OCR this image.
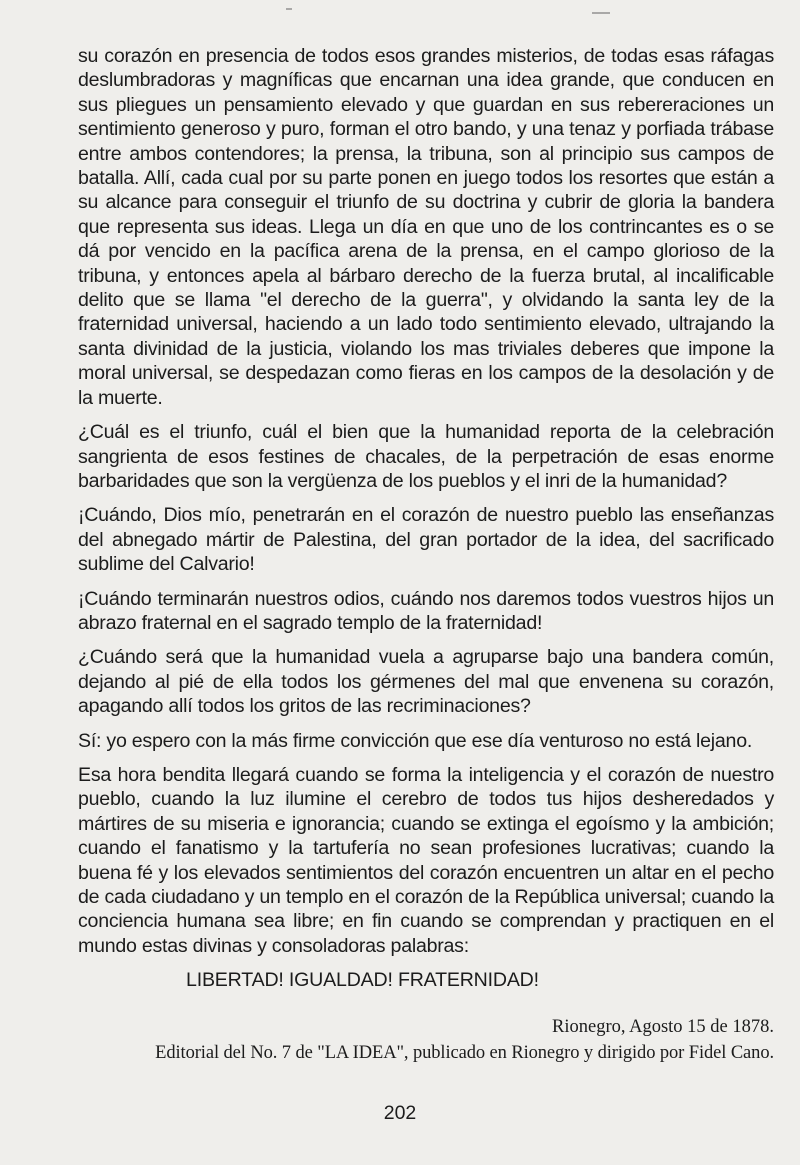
su corazón en presencia de todos esos grandes misterios, de todas esas ráfagas deslumbradoras y magníficas que encarnan una idea grande, que conducen en sus pliegues un pensamiento elevado y que guardan en sus rebereraciones un sentimiento generoso y puro, forman el otro bando, y una tenaz y porfiada trábase entre ambos contendores; la prensa, la tribuna, son al principio sus campos de batalla. Allí, cada cual por su parte ponen en juego todos los resortes que están a su alcance para conseguir el triunfo de su doctrina y cubrir de gloria la bandera que representa sus ideas. Llega un día en que uno de los contrincantes es o se dá por vencido en la pacífica arena de la prensa, en el campo glorioso de la tribuna, y entonces apela al bárbaro derecho de la fuerza brutal, al incalificable delito que se llama "el derecho de la guerra", y olvidando la santa ley de la fraternidad universal, haciendo a un lado todo sentimiento elevado, ultrajando la santa divinidad de la justicia, violando los mas triviales deberes que impone la moral universal, se despedazan como fieras en los campos de la desolación y de la muerte.

¿Cuál es el triunfo, cuál el bien que la humanidad reporta de la celebración sangrienta de esos festines de chacales, de la perpetración de esas enorme barbaridades que son la vergüenza de los pueblos y el inri de la humanidad?

¡Cuándo, Dios mío, penetrarán en el corazón de nuestro pueblo las enseñanzas del abnegado mártir de Palestina, del gran portador de la idea, del sacrificado sublime del Calvario!

¡Cuándo terminarán nuestros odios, cuándo nos daremos todos vuestros hijos un abrazo fraternal en el sagrado templo de la fraternidad!

¿Cuándo será que la humanidad vuela a agruparse bajo una bandera común, dejando al pié de ella todos los gérmenes del mal que envenena su corazón, apagando allí todos los gritos de las recriminaciones?

Sí: yo espero con la más firme convicción que ese día venturoso no está lejano.

Esa hora bendita llegará cuando se forma la inteligencia y el corazón de nuestro pueblo, cuando la luz ilumine el cerebro de todos tus hijos desheredados y mártires de su miseria e ignorancia; cuando se extinga el egoísmo y la ambición; cuando el fanatismo y la tartufería no sean profesiones lucrativas; cuando la buena fé y los elevados sentimientos del corazón encuentren un altar en el pecho de cada ciudadano y un templo en el corazón de la República universal; cuando la conciencia humana sea libre; en fin cuando se comprendan y practiquen en el mundo estas divinas y consoladoras palabras:

LIBERTAD! IGUALDAD! FRATERNIDAD!
Rionegro, Agosto 15 de 1878.
Editorial del No. 7 de "LA IDEA", publicado en Rionegro y dirigido por Fidel Cano.
202
